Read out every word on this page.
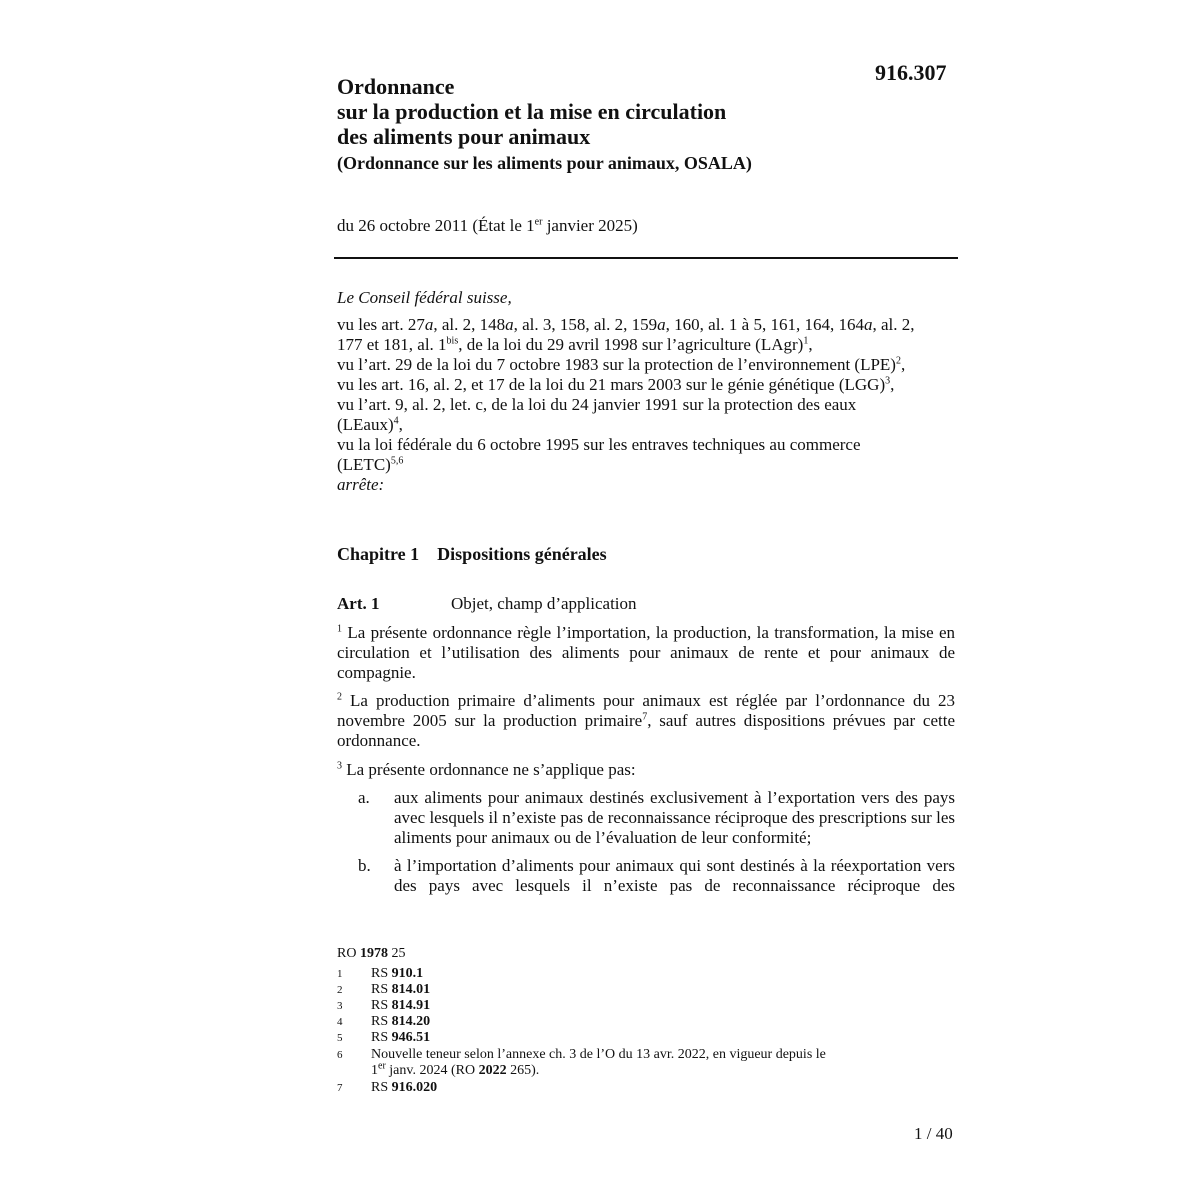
916.307
Ordonnance
sur la production et la mise en circulation
des aliments pour animaux
(Ordonnance sur les aliments pour animaux, OSALA)
du 26 octobre 2011 (État le 1er janvier 2025)
Le Conseil fédéral suisse,
vu les art. 27a, al. 2, 148a, al. 3, 158, al. 2, 159a, 160, al. 1 à 5, 161, 164, 164a, al. 2,
177 et 181, al. $1^{bis}$, de la loi du 29 avril 1998 sur l’agriculture (LAgr)$^1$,
vu l’art. 29 de la loi du 7 octobre 1983 sur la protection de l’environnement (LPE)$^2$,
vu les art. 16, al. 2, et 17 de la loi du 21 mars 2003 sur le génie génétique (LGG)$^3$,
vu l’art. 9, al. 2, let. c, de la loi du 24 janvier 1991 sur la protection des eaux
(LEaux)$^4$,
vu la loi fédérale du 6 octobre 1995 sur les entraves techniques au commerce
(LETC)$^{5,6}$
arrête:
Chapitre 1 Dispositions générales
Art. 1	Objet, champ d’application
$^1$ La présente ordonnance règle l’importation, la production, la transformation, la mise en circulation et l’utilisation des aliments pour animaux de rente et pour animaux de compagnie.
$^2$ La production primaire d’aliments pour animaux est réglée par l’ordonnance du 23 novembre 2005 sur la production primaire$^7$, sauf autres dispositions prévues par cette ordonnance.
$^3$ La présente ordonnance ne s’applique pas:
a. aux aliments pour animaux destinés exclusivement à l’exportation vers des pays avec lesquels il n’existe pas de reconnaissance réciproque des prescriptions sur les aliments pour animaux ou de l’évaluation de leur conformité;
b. à l’importation d’aliments pour animaux qui sont destinés à la réexportation vers des pays avec lesquels il n’existe pas de reconnaissance réciproque des
RO 1978 25
1 RS 910.1
2 RS 814.01
3 RS 814.91
4 RS 814.20
5 RS 946.51
6 Nouvelle teneur selon l’annexe ch. 3 de l’O du 13 avr. 2022, en vigueur depuis le
1er janv. 2024 (RO 2022 265).
7 RS 916.020
1 / 40
